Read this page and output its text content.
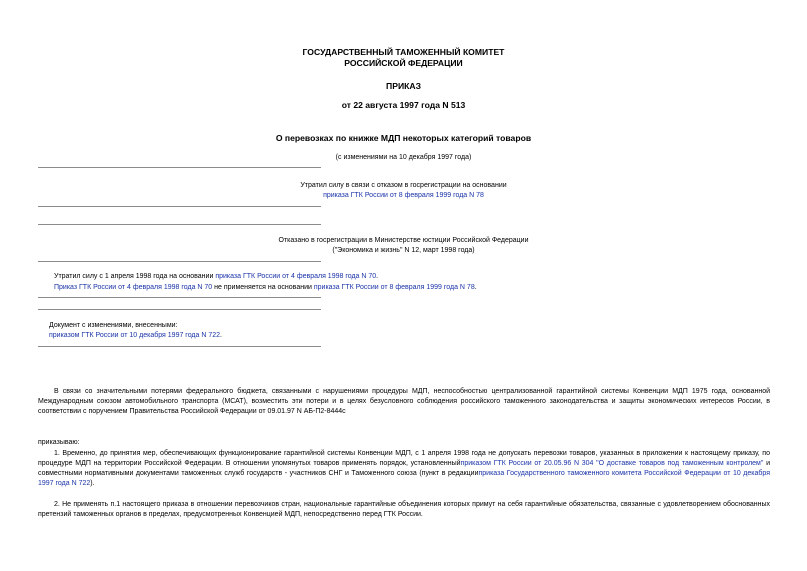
ГОСУДАРСТВЕННЫЙ ТАМОЖЕННЫЙ КОМИТЕТ
РОССИЙСКОЙ ФЕДЕРАЦИИ
ПРИКАЗ
от 22 августа 1997 года N 513
О перевозках по книжке МДП некоторых категорий товаров
(с изменениями на 10 декабря 1997 года)
Утратил силу в связи с отказом в госрегистрации на основании
приказа ГТК России от 8 февраля 1999 года N 78
Отказано в госрегистрации в Министерстве юстиции Российской Федерации
("Экономика и жизнь" N 12, март 1998 года)
Утратил силу с 1 апреля 1998 года на основании приказа ГТК России от 4 февраля 1998 года N 70.
Приказ ГТК России от 4 февраля 1998 года N 70 не применяется на основании приказа ГТК России от 8 февраля 1999 года N 78.
Документ с изменениями, внесенными:
приказом ГТК России от 10 декабря 1997 года N 722.
В связи со значительными потерями федерального бюджета, связанными с нарушениями процедуры МДП, неспособностью централизованной гарантийной системы Конвенции МДП 1975 года, основанной Международным союзом автомобильного транспорта (МСАТ), возместить эти потери и в целях безусловного соблюдения российского таможенного законодательства и защиты экономических интересов России, в соответствии с поручением Правительства Российской Федерации от 09.01.97 N АБ-П2-8444с
приказываю:
1. Временно, до принятия мер, обеспечивающих функционирование гарантийной системы Конвенции МДП, с 1 апреля 1998 года не допускать перевозки товаров, указанных в приложении к настоящему приказу, по процедуре МДП на территории Российской Федерации. В отношении упомянутых товаров применять порядок, установленныйприказом ГТК России от 20.05.96 N 304 "О доставке товаров под таможенным контролем" и совместными нормативными документами таможенных служб государств - участников СНГ и Таможенного союза (пункт в редакцииприказа Государственного таможенного комитета Российской Федерации от 10 декабря 1997 года N 722).
2. Не применять п.1 настоящего приказа в отношении перевозчиков стран, национальные гарантийные объединения которых примут на себя гарантийные обязательства, связанные с удовлетворением обоснованных претензий таможенных органов в пределах, предусмотренных Конвенцией МДП, непосредственно перед ГТК России.
